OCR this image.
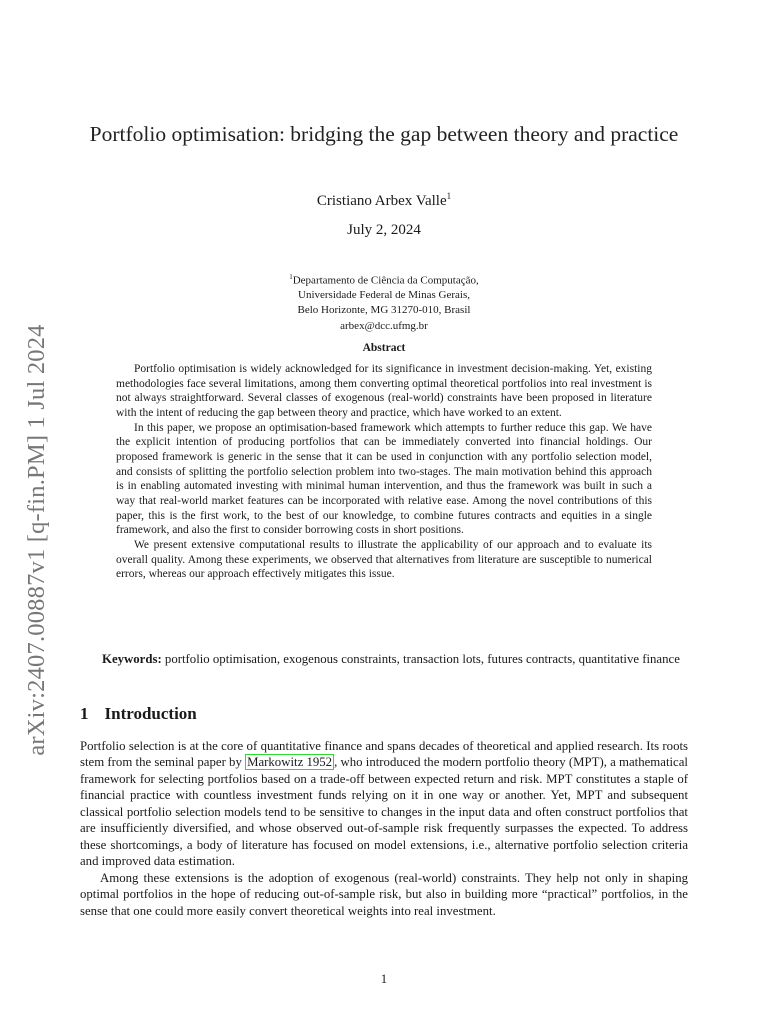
arXiv:2407.00887v1 [q-fin.PM] 1 Jul 2024
Portfolio optimisation: bridging the gap between theory and practice
Cristiano Arbex Valle$^1$
July 2, 2024
$^1$Departamento de Ciência da Computação,
Universidade Federal de Minas Gerais,
Belo Horizonte, MG 31270-010, Brasil
arbex@dcc.ufmg.br
Abstract

Portfolio optimisation is widely acknowledged for its significance in investment decision-making. Yet, existing methodologies face several limitations, among them converting optimal theoretical portfolios into real investment is not always straightforward. Several classes of exogenous (real-world) constraints have been proposed in literature with the intent of reducing the gap between theory and practice, which have worked to an extent.

In this paper, we propose an optimisation-based framework which attempts to further reduce this gap. We have the explicit intention of producing portfolios that can be immediately converted into financial holdings. Our proposed framework is generic in the sense that it can be used in conjunction with any portfolio selection model, and consists of splitting the portfolio selection problem into two-stages. The main motivation behind this approach is in enabling automated investing with minimal human intervention, and thus the framework was built in such a way that real-world market features can be incorporated with relative ease. Among the novel contributions of this paper, this is the first work, to the best of our knowledge, to combine futures contracts and equities in a single framework, and also the first to consider borrowing costs in short positions.

We present extensive computational results to illustrate the applicability of our approach and to evaluate its overall quality. Among these experiments, we observed that alternatives from literature are susceptible to numerical errors, whereas our approach effectively mitigates this issue.

Keywords: portfolio optimisation, exogenous constraints, transaction lots, futures contracts, quantitative finance
1 Introduction

Portfolio selection is at the core of quantitative finance and spans decades of theoretical and applied research. Its roots stem from the seminal paper by Markowitz 1952 , who introduced the modern portfolio theory (MPT), a mathematical framework for selecting portfolios based on a trade-off between expected return and risk. MPT constitutes a staple of financial practice with countless investment funds relying on it in one way or another. Yet, MPT and subsequent classical portfolio selection models tend to be sensitive to changes in the input data and often construct portfolios that are insufficiently diversified, and whose observed out-of-sample risk frequently surpasses the expected. To address these shortcomings, a body of literature has focused on model extensions, i.e., alternative portfolio selection criteria and improved data estimation.

Among these extensions is the adoption of exogenous (real-world) constraints. They help not only in shaping optimal portfolios in the hope of reducing out-of-sample risk, but also in building more “practical” portfolios, in the sense that one could more easily convert theoretical weights into real investment.

1
